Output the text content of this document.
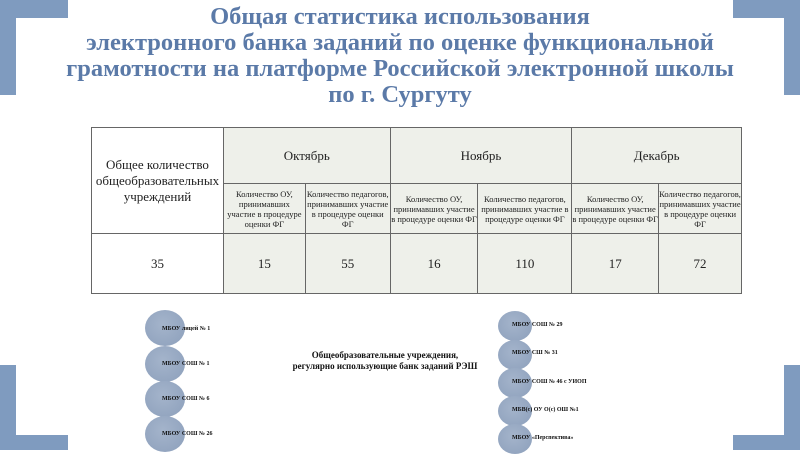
Общая статистика использования
электронного банка заданий по оценке функциональной
грамотности на платформе Российской электронной школы
по г. Сургуту
Общее количество общеобразовательных учреждений	Октябрь		Ноябрь		Декабрь	
	Количество ОУ, принимавших участие в процедуре оценки ФГ	Количество педагогов, принимавших участие в процедуре оценки ФГ	Количество ОУ, принимавших участие в процедуре оценки ФГ	Количество педагогов, принимавших участие в процедуре оценки ФГ	Количество ОУ, принимавших участие в процедуре оценки ФГ	Количество педагогов, принимавших участие в процедуре оценки ФГ
35	15	55	16	110	17	72
Общеобразовательные учреждения,
регулярно использующие банк заданий РЭШ
МБОУ лицей № 1
МБОУ СОШ № 1
МБОУ СОШ № 6
МБОУ СОШ № 26
МБОУ СОШ № 29
МБОУ СШ № 31
МБОУ СОШ № 46 с УИОП
МБВ(с) ОУ О(с) ОШ №1
МБОУ «Перспектива»
